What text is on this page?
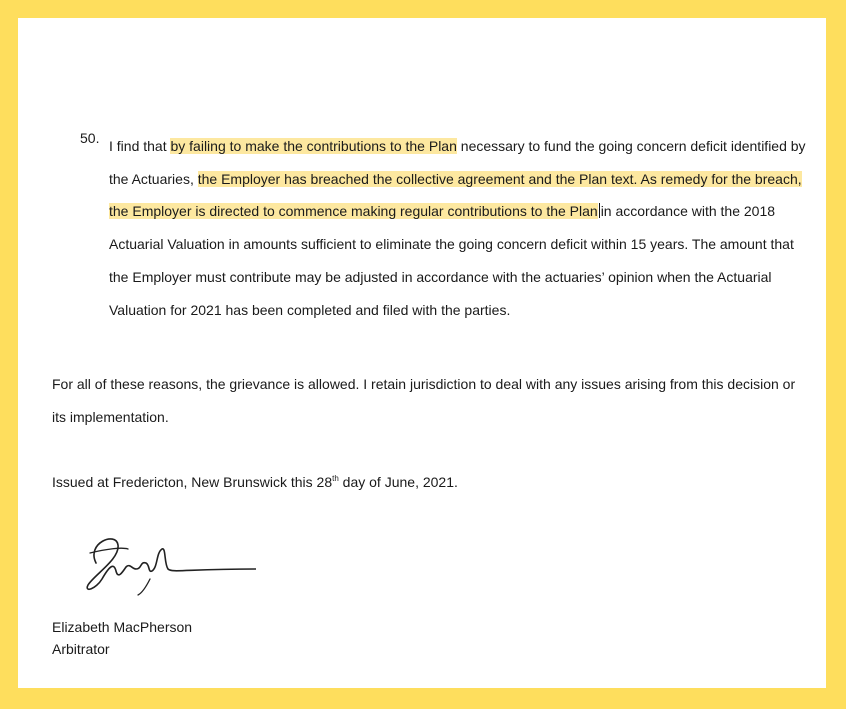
50. I find that by failing to make the contributions to the Plan necessary to fund the going concern deficit identified by the Actuaries, the Employer has breached the collective agreement and the Plan text. As remedy for the breach, the Employer is directed to commence making regular contributions to the Plan in accordance with the 2018 Actuarial Valuation in amounts sufficient to eliminate the going concern deficit within 15 years. The amount that the Employer must contribute may be adjusted in accordance with the actuaries’ opinion when the Actuarial Valuation for 2021 has been completed and filed with the parties.

For all of these reasons, the grievance is allowed. I retain jurisdiction to deal with any issues arising from this decision or its implementation.

Issued at Fredericton, New Brunswick this 28th day of June, 2021.

Elizabeth MacPherson
Arbitrator
